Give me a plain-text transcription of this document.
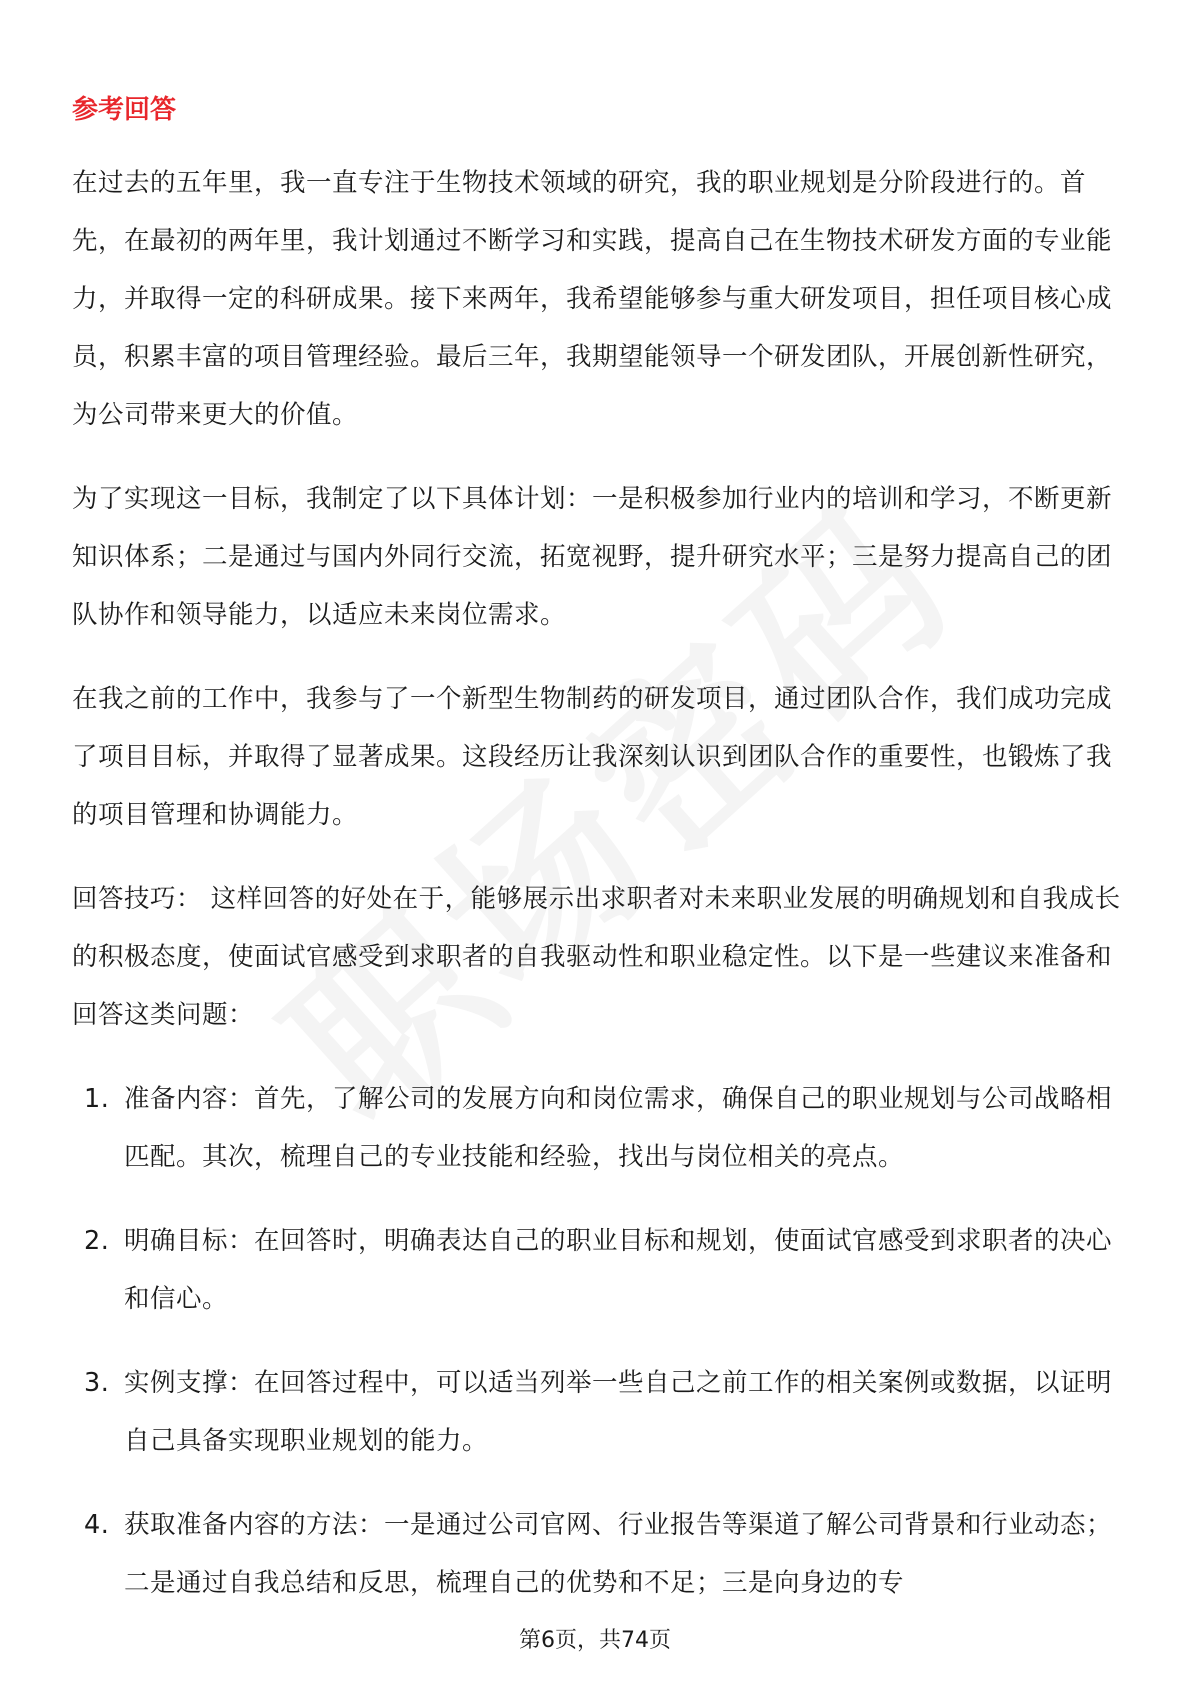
参考回答

在过去的五年里，我一直专注于生物技术领域的研究，我的职业规划是分阶段进行的。首先，在最初的两年里，我计划通过不断学习和实践，提高自己在生物技术研发方面的专业能力，并取得一定的科研成果。接下来两年，我希望能够参与重大研发项目，担任项目核心成员，积累丰富的项目管理经验。最后三年，我期望能领导一个研发团队，开展创新性研究，为公司带来更大的价值。

为了实现这一目标，我制定了以下具体计划：一是积极参加行业内的培训和学习，不断更新知识体系；二是通过与国内外同行交流，拓宽视野，提升研究水平；三是努力提高自己的团队协作和领导能力，以适应未来岗位需求。

在我之前的工作中，我参与了一个新型生物制药的研发项目，通过团队合作，我们成功完成了项目目标，并取得了显著成果。这段经历让我深刻认识到团队合作的重要性，也锻炼了我的项目管理和协调能力。

回答技巧： 这样回答的好处在于，能够展示出求职者对未来职业发展的明确规划和自我成长的积极态度，使面试官感受到求职者的自我驱动性和职业稳定性。以下是一些建议来准备和回答这类问题：

1. 准备内容：首先，了解公司的发展方向和岗位需求，确保自己的职业规划与公司战略相匹配。其次，梳理自己的专业技能和经验，找出与岗位相关的亮点。
2. 明确目标：在回答时，明确表达自己的职业目标和规划，使面试官感受到求职者的决心和信心。
3. 实例支撑：在回答过程中，可以适当列举一些自己之前工作的相关案例或数据，以证明自己具备实现职业规划的能力。
4. 获取准备内容的方法：一是通过公司官网、行业报告等渠道了解公司背景和行业动态；二是通过自我总结和反思，梳理自己的优势和不足；三是向身边的专
第6页，共74页
